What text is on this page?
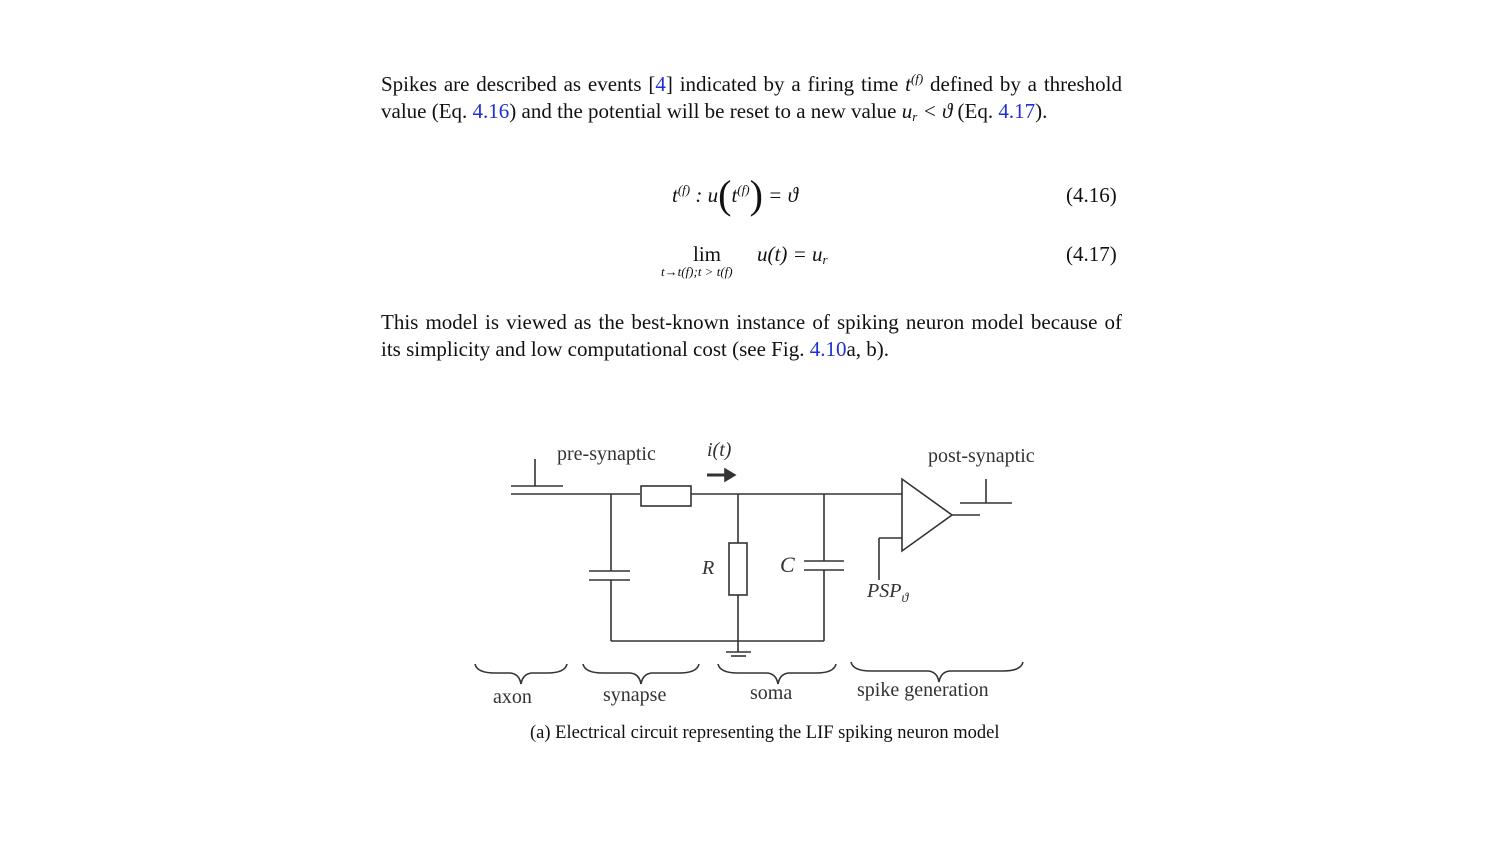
Spikes are described as events [4] indicated by a firing time $t^{(f)}$ defined by a threshold value (Eq. 4.16) and the potential will be reset to a new value $u_r < ϑ$ (Eq. 4.17).
$t^{(f)}$ : $u(t^{(f)}) = ϑ$	(4.16)
lim
t→t(f);t > t(f)
$u(t) = u_r$	(4.17)
This model is viewed as the best-known instance of spiking neuron model because of its simplicity and low computational cost (see Fig. 4.10a, b).
pre-synaptic	i(t)	post-synaptic
R	C
$PSP_ϑ$
axon	synapse	soma	spike generation
(a) Electrical circuit representing the LIF spiking neuron model
